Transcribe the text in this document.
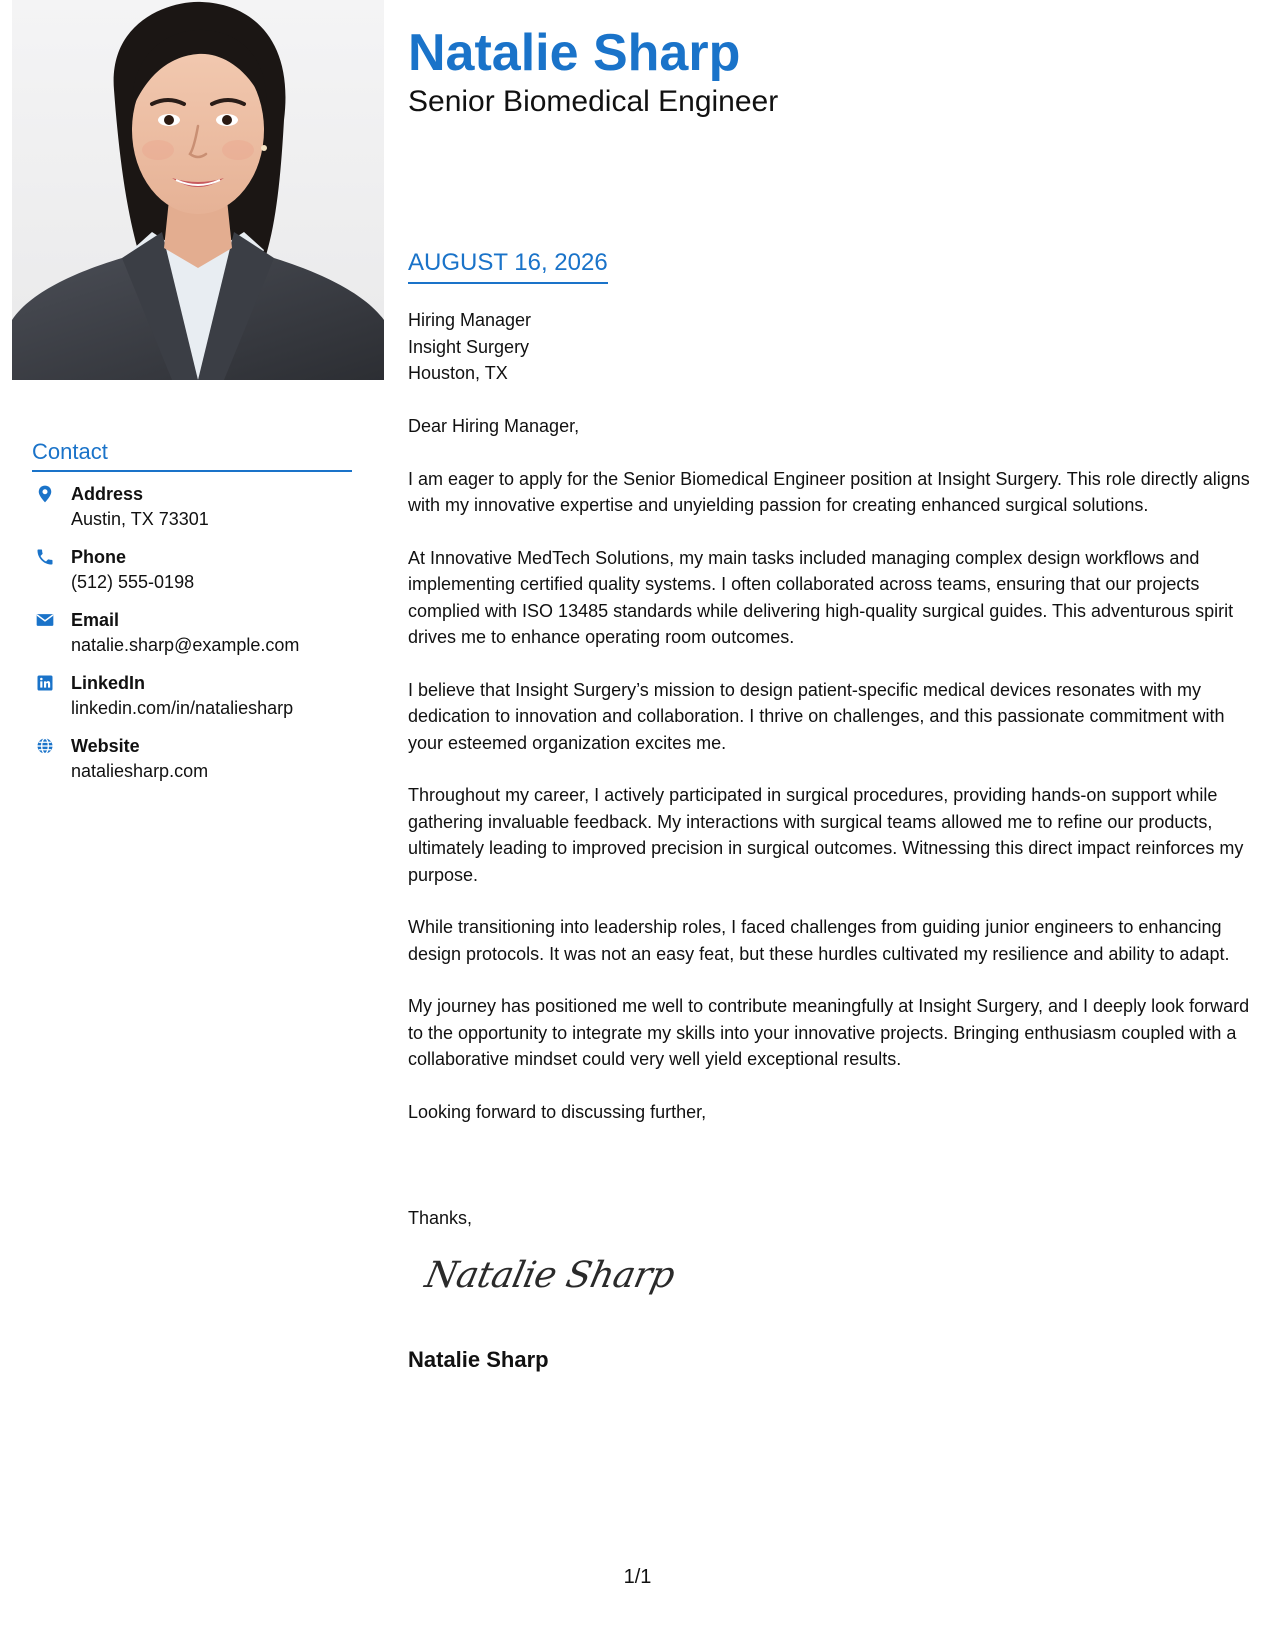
Contact
Address
Austin, TX 73301
Phone
(512) 555-0198
Email
natalie.sharp@example.com
LinkedIn
linkedin.com/in/nataliesharp
Website
nataliesharp.com
Natalie Sharp
Senior Biomedical Engineer
AUGUST 16, 2026
Hiring Manager
Insight Surgery
Houston, TX

Dear Hiring Manager,

I am eager to apply for the Senior Biomedical Engineer position at Insight Surgery. This role directly aligns with my innovative expertise and unyielding passion for creating enhanced surgical solutions.

At Innovative MedTech Solutions, my main tasks included managing complex design workflows and implementing certified quality systems. I often collaborated across teams, ensuring that our projects complied with ISO 13485 standards while delivering high-quality surgical guides. This adventurous spirit drives me to enhance operating room outcomes.

I believe that Insight Surgery’s mission to design patient-specific medical devices resonates with my dedication to innovation and collaboration. I thrive on challenges, and this passionate commitment with your esteemed organization excites me.

Throughout my career, I actively participated in surgical procedures, providing hands-on support while gathering invaluable feedback. My interactions with surgical teams allowed me to refine our products, ultimately leading to improved precision in surgical outcomes. Witnessing this direct impact reinforces my purpose.

While transitioning into leadership roles, I faced challenges from guiding junior engineers to enhancing design protocols. It was not an easy feat, but these hurdles cultivated my resilience and ability to adapt.

My journey has positioned me well to contribute meaningfully at Insight Surgery, and I deeply look forward to the opportunity to integrate my skills into your innovative projects. Bringing enthusiasm coupled with a collaborative mindset could very well yield exceptional results.

Looking forward to discussing further,

Thanks,
Natalie Sharp
Natalie Sharp
1/1
